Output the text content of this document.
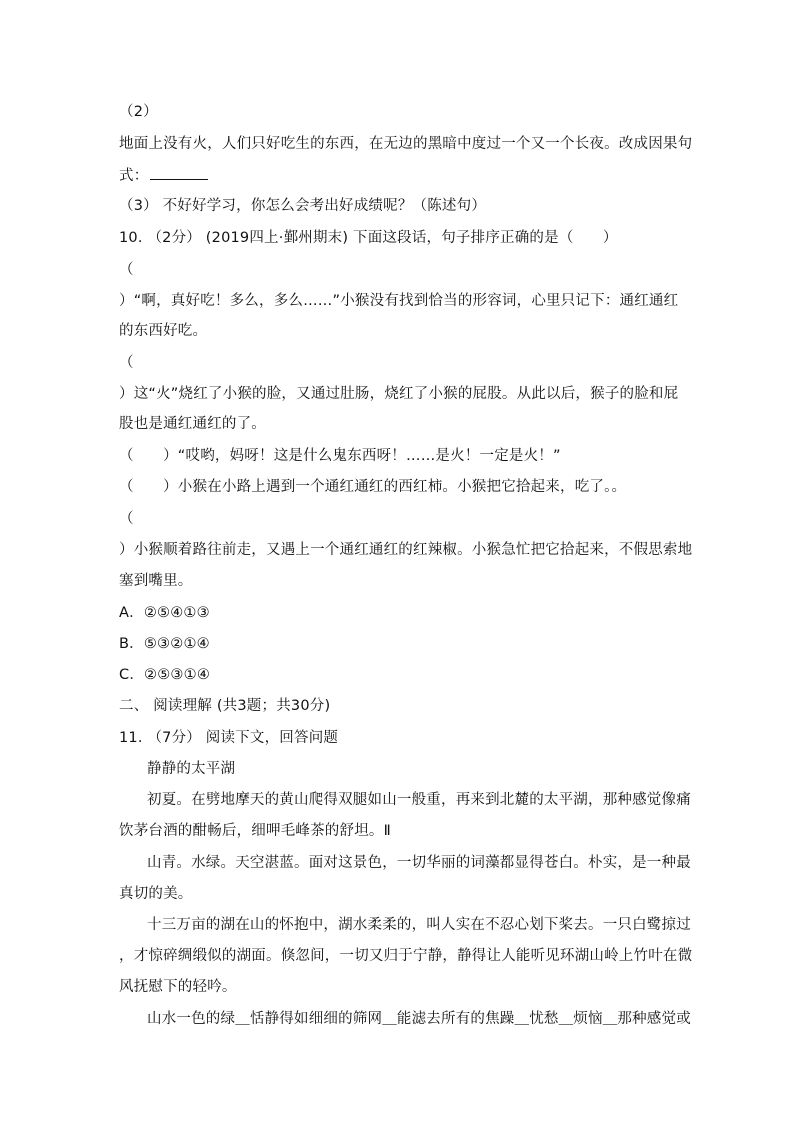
（2）
地面上没有火，人们只好吃生的东西，在无边的黑暗中度过一个又一个长夜。改成因果句
式：
（3） 不好好学习，你怎么会考出好成绩呢？（陈述句）
10. （2分） (2019四上·鄞州期末) 下面这段话，句子排序正确的是（　　）
（
）“啊，真好吃！多么，多么……”小猴没有找到恰当的形容词，心里只记下：通红通红
的东西好吃。
（
）这“火”烧红了小猴的脸，又通过肚肠，烧红了小猴的屁股。从此以后，猴子的脸和屁
股也是通红通红的了。
（　　）“哎哟，妈呀！这是什么鬼东西呀！……是火！一定是火！”
（　　）小猴在小路上遇到一个通红通红的西红柿。小猴把它拾起来，吃了。。
（
）小猴顺着路往前走，又遇上一个通红通红的红辣椒。小猴急忙把它拾起来，不假思索地
塞到嘴里。
A．②⑤④①③
B．⑤③②①④
C．②⑤③①④
二、 阅读理解 (共3题；共30分)
11. （7分） 阅读下文，回答问题
静静的太平湖
初夏。在劈地摩天的黄山爬得双腿如山一般重，再来到北麓的太平湖，那种感觉像痛
饮茅台酒的酣畅后，细呷毛峰茶的舒坦。Ⅱ
山青。水绿。天空湛蓝。面对这景色，一切华丽的词藻都显得苍白。朴实，是一种最
真切的美。
十三万亩的湖在山的怀抱中，湖水柔柔的，叫人实在不忍心划下桨去。一只白鹭掠过
，才惊碎绸缎似的湖面。倏忽间，一切又归于宁静，静得让人能听见环湖山岭上竹叶在微
风抚慰下的轻吟。
山水一色的绿＿恬静得如细细的筛网＿能滤去所有的焦躁＿忧愁＿烦恼＿那种感觉或
